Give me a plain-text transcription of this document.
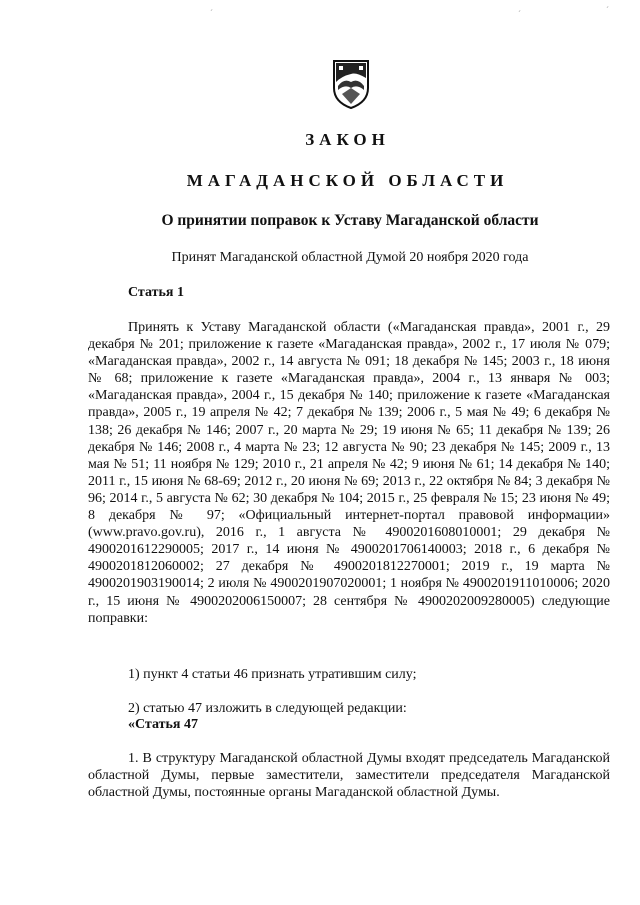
ˊ	ˊ	ˊ
ЗАКОН
МАГАДАНСКОЙ ОБЛАСТИ
О принятии поправок к Уставу Магаданской области
Принят Магаданской областной Думой 20 ноября 2020 года
Статья 1
Принять к Уставу Магаданской области («Магаданская правда», 2001 г., 29 декабря № 201; приложение к газете «Магаданская правда», 2002 г., 17 июля № 079; «Магаданская правда», 2002 г., 14 августа № 091; 18 декабря № 145; 2003 г., 18 июня № 68; приложение к газете «Магаданская правда», 2004 г., 13 января № 003; «Магаданская правда», 2004 г., 15 декабря № 140; приложение к газете «Магаданская правда», 2005 г., 19 апреля № 42; 7 декабря № 139; 2006 г., 5 мая № 49; 6 декабря № 138; 26 декабря № 146; 2007 г., 20 марта № 29; 19 июня № 65; 11 декабря № 139; 26 декабря № 146; 2008 г., 4 марта № 23; 12 августа № 90; 23 декабря № 145; 2009 г., 13 мая № 51; 11 ноября № 129; 2010 г., 21 апреля № 42; 9 июня № 61; 14 декабря № 140; 2011 г., 15 июня № 68-69; 2012 г., 20 июня № 69; 2013 г., 22 октября № 84; 3 декабря № 96; 2014 г., 5 августа № 62; 30 декабря № 104; 2015 г., 25 февраля № 15; 23 июня № 49; 8 декабря № 97; «Официальный интернет-портал правовой информации» (www.pravo.gov.ru), 2016 г., 1 августа № 4900201608010001; 29 декабря № 4900201612290005; 2017 г., 14 июня № 4900201706140003; 2018 г., 6 декабря № 4900201812060002; 27 декабря № 4900201812270001; 2019 г., 19 марта № 4900201903190014; 2 июля № 4900201907020001; 1 ноября № 4900201911010006; 2020 г., 15 июня № 4900202006150007; 28 сентября № 4900202009280005) следующие поправки:
1) пункт 4 статьи 46 признать утратившим силу;
2) статью 47 изложить в следующей редакции:
«Статья 47
1. В структуру Магаданской областной Думы входят председатель Магаданской областной Думы, первые заместители, заместители председателя Магаданской областной Думы, постоянные органы Магаданской областной Думы.
